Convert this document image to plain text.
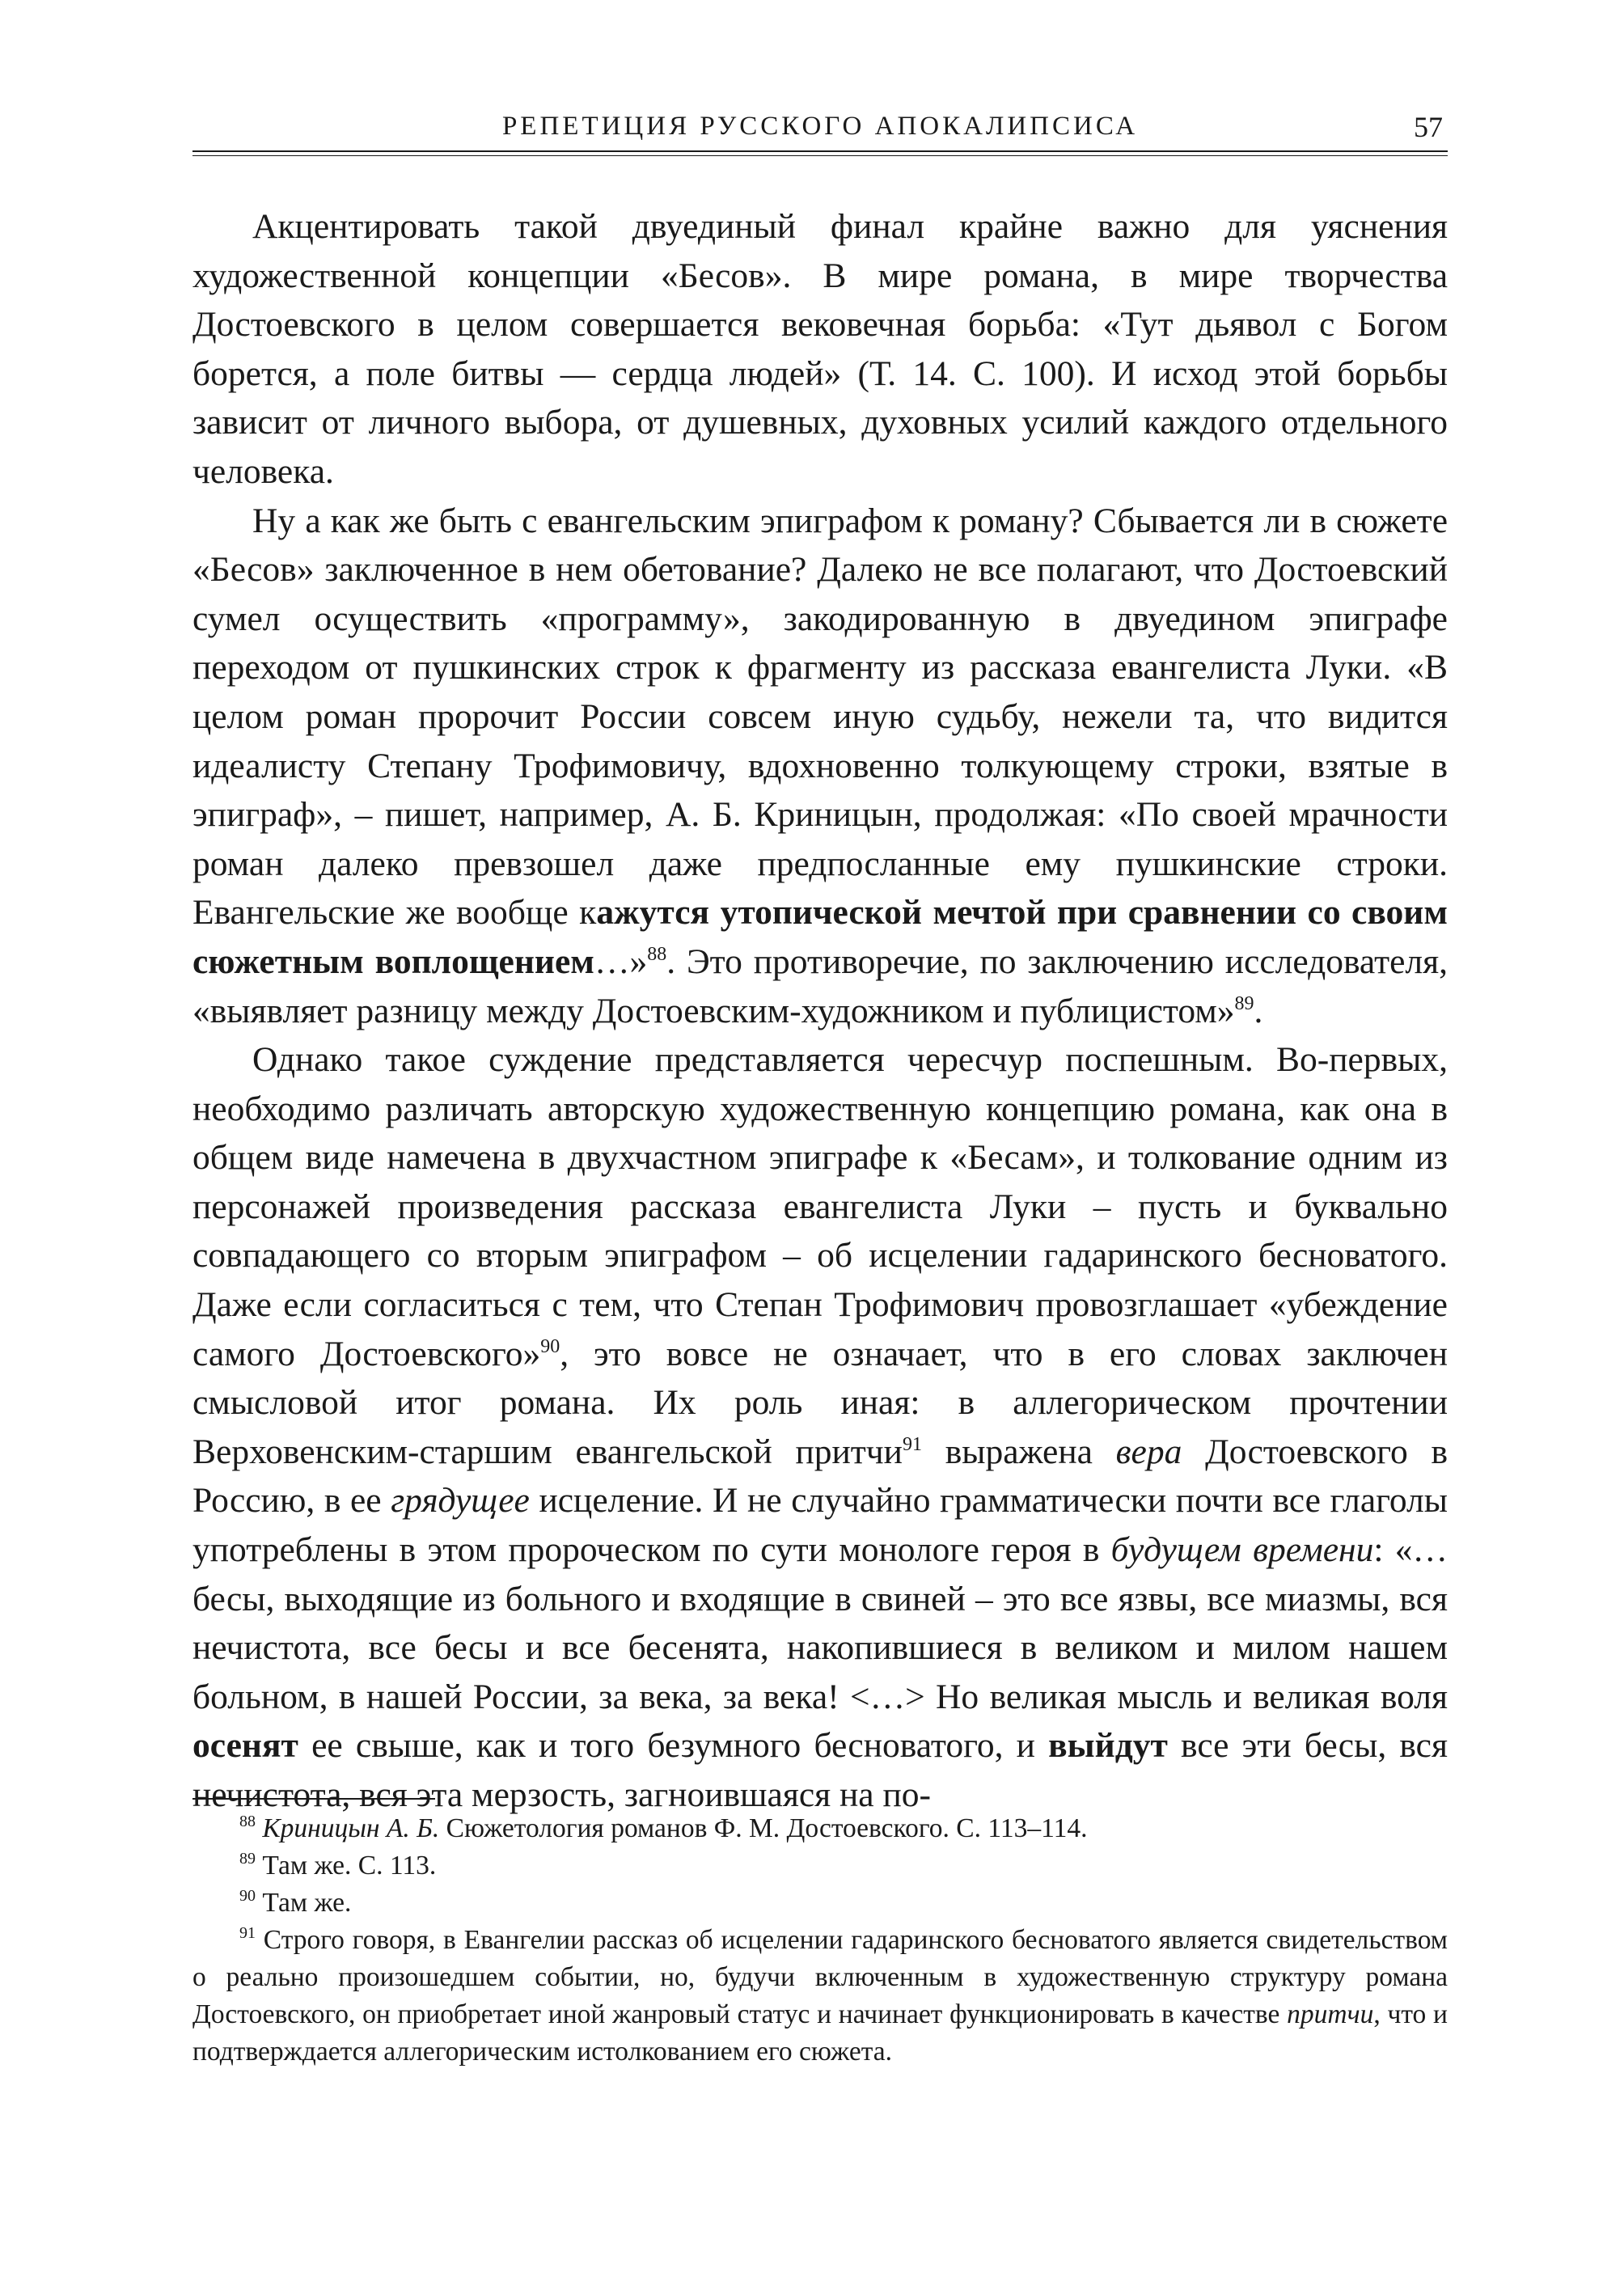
РЕПЕТИЦИЯ РУССКОГО АПОКАЛИПСИСА	57

Акцентировать такой двуединый финал крайне важно для уяснения художественной концепции «Бесов». В мире романа, в мире творчества Достоевского в целом совершается вековечная борьба: «Тут дьявол с Богом борется, а поле битвы — сердца людей» (Т. 14. С. 100). И исход этой борьбы зависит от личного выбора, от душевных, духовных усилий каждого отдельного человека.

Ну а как же быть с евангельским эпиграфом к роману? Сбывается ли в сюжете «Бесов» заключенное в нем обетование? Далеко не все полагают, что Достоевский сумел осуществить «программу», закодированную в двуедином эпиграфе переходом от пушкинских строк к фрагменту из рассказа евангелиста Луки. «В целом роман пророчит России совсем иную судьбу, нежели та, что видится идеалисту Степану Трофимовичу, вдохновенно толкующему строки, взятые в эпиграф», – пишет, например, А. Б. Криницын, продолжая: «По своей мрачности роман далеко превзошел даже предпосланные ему пушкинские строки. Евангельские же вообще кажутся утопической мечтой при сравнении со своим сюжетным воплощением…»$^{88}$. Это противоречие, по заключению исследователя, «выявляет разницу между Достоевским-художником и публицистом»$^{89}$.

Однако такое суждение представляется чересчур поспешным. Во-первых, необходимо различать авторскую художественную концепцию романа, как она в общем виде намечена в двухчастном эпиграфе к «Бесам», и толкование одним из персонажей произведения рассказа евангелиста Луки – пусть и буквально совпадающего со вторым эпиграфом – об исцелении гадаринского бесноватого. Даже если согласиться с тем, что Степан Трофимович провозглашает «убеждение самого Достоевского»$^{90}$, это вовсе не означает, что в его словах заключен смысловой итог романа. Их роль иная: в аллегорическом прочтении Верховенским-старшим евангельской притчи$^{91}$ выражена вера Достоевского в Россию, в ее грядущее исцеление. И не случайно грамматически почти все глаголы употреблены в этом пророческом по сути монологе героя в будущем времени: «…бесы, выходящие из больного и входящие в свиней – это все язвы, все миазмы, вся нечистота, все бесы и все бесенята, накопившиеся в великом и милом нашем больном, в нашей России, за века, за века! <…> Но великая мысль и великая воля осенят ее свыше, как и того безумного бесноватого, и выйдут все эти бесы, вся нечистота, вся эта мерзость, загноившаяся на по-

$^{88}$ Криницын А. Б. Сюжетология романов Ф. М. Достоевского. С. 113–114.

$^{89}$ Там же. С. 113.

$^{90}$ Там же.

$^{91}$ Строго говоря, в Евангелии рассказ об исцелении гадаринского бесноватого является свидетельством о реально произошедшем событии, но, будучи включенным в художественную структуру романа Достоевского, он приобретает иной жанровый статус и начинает функционировать в качестве притчи, что и подтверждается аллегорическим истолкованием его сюжета.
